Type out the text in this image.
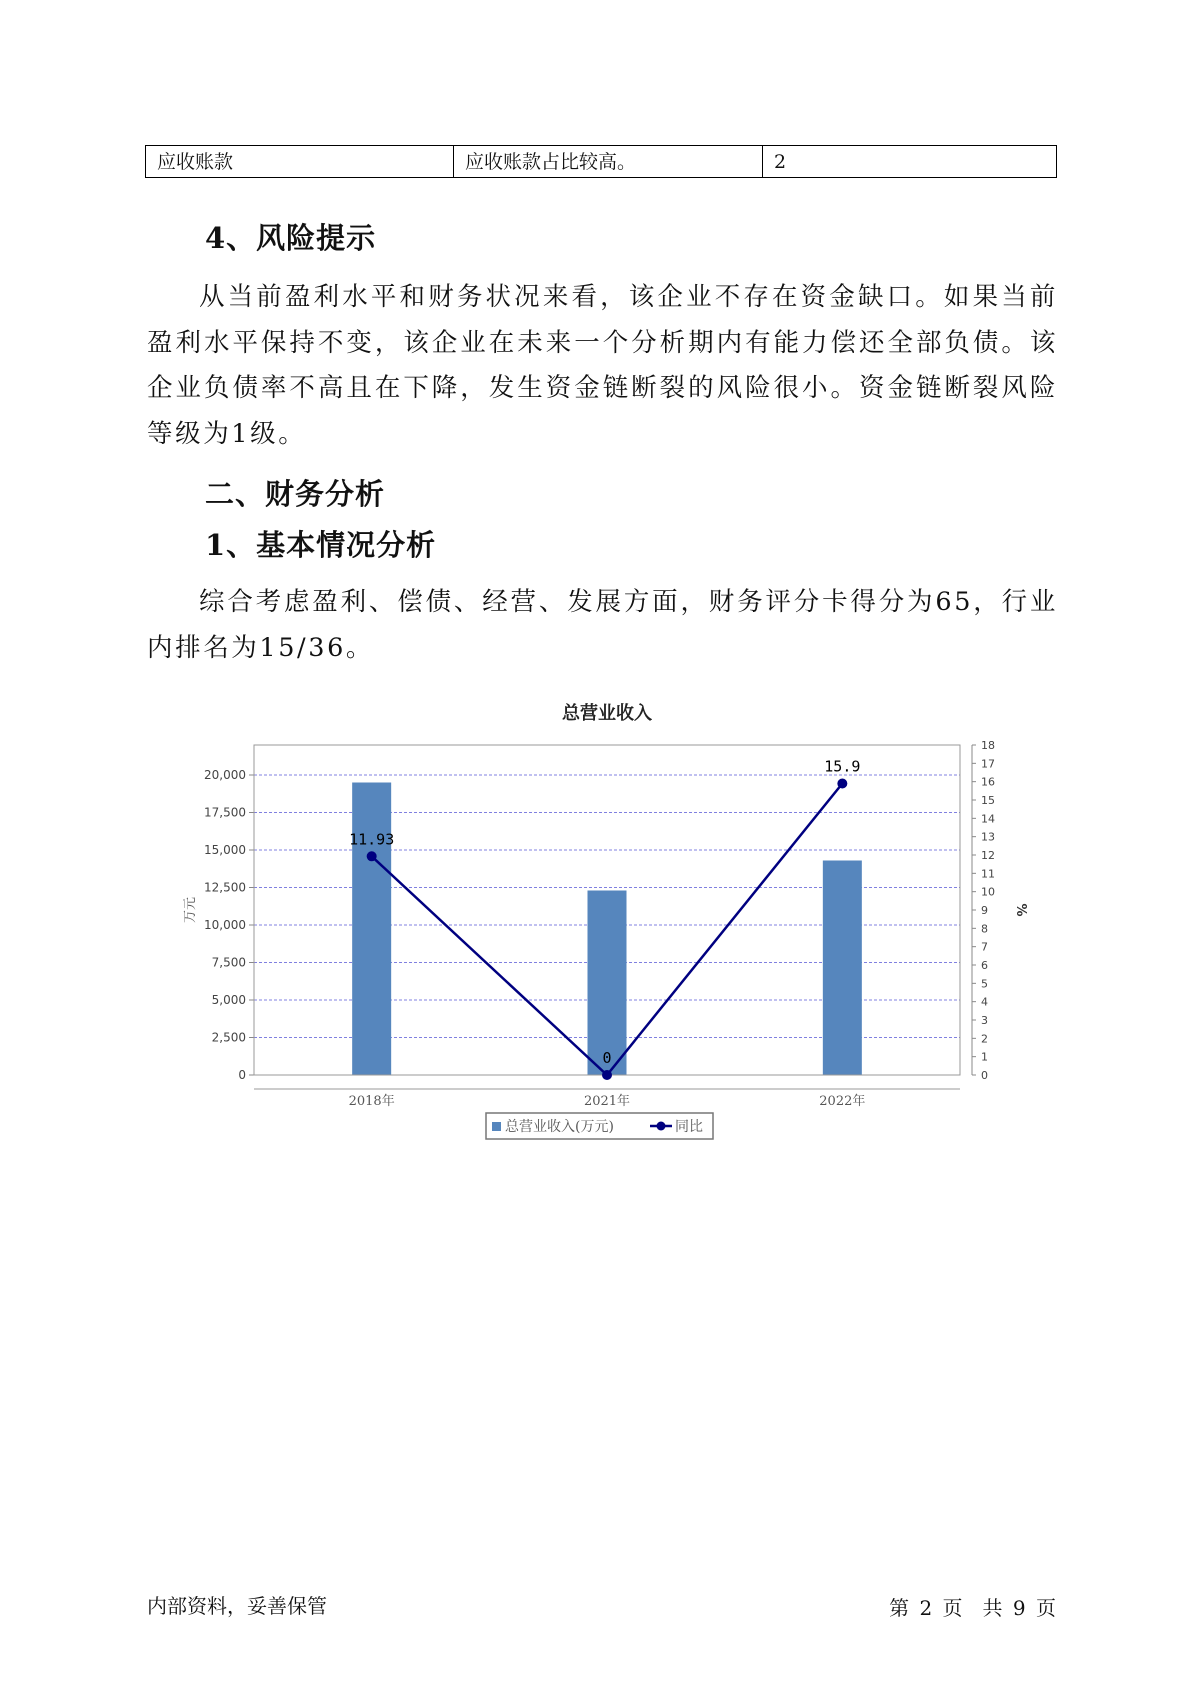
应收账款	应收账款占比较高。	2
4、风险提示

从当前盈利水平和财务状况来看，该企业不存在资金缺口。如果当前盈利水平保持不变，该企业在未来一个分析期内有能力偿还全部负债。该企业负债率不高且在下降，发生资金链断裂的风险很小。资金链断裂风险等级为1级。

二、财务分析
1、基本情况分析

综合考虑盈利、偿债、经营、发展方面，财务评分卡得分为65，行业内排名为15/36。

总营业收入
0
2,500
5,000
7,500
10,000
12,500
15,000
17,500
20,000
2018年	2021年	2022年
0
1
2
3
4
5
6
7
8
9
10
11
12
13
14
15
16
17
18
万元	%
11.93
0
15.9
总营业收入(万元)	同比
内部资料，妥善保管	第 2 页　共 9 页
